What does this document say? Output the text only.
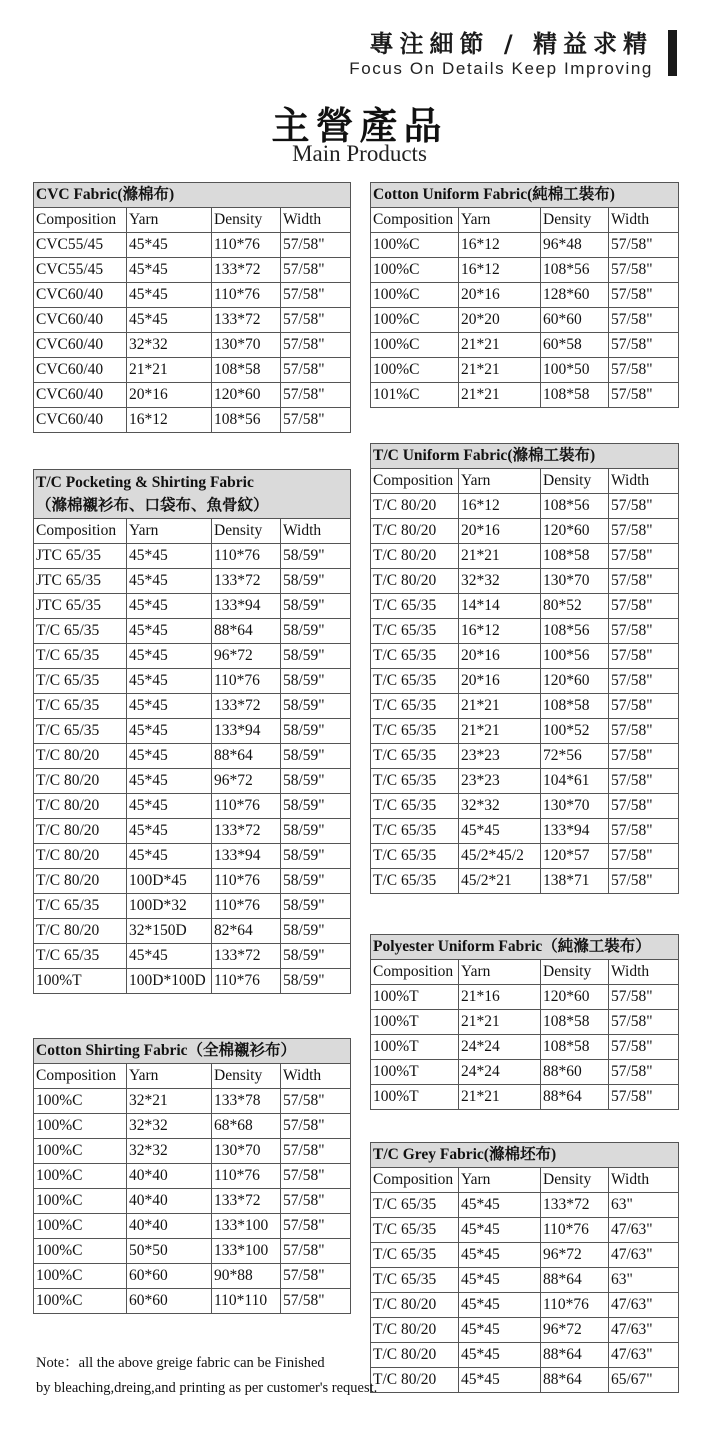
專注細節 / 精益求精
Focus On Details Keep Improving
主營產品
Main Products
CVC Fabric(滌棉布)			
Composition	Yarn	Density	Width
CVC55/45	45*45	110*76	57/58"
CVC55/45	45*45	133*72	57/58"
CVC60/40	45*45	110*76	57/58"
CVC60/40	45*45	133*72	57/58"
CVC60/40	32*32	130*70	57/58"
CVC60/40	21*21	108*58	57/58"
CVC60/40	20*16	120*60	57/58"
CVC60/40	16*12	108*56	57/58"
T/C Pocketing & Shirting Fabric
（滌棉襯衫布、口袋布、魚骨紋）			

Composition	Yarn	Density	Width
JTC 65/35	45*45	110*76	58/59"
JTC 65/35	45*45	133*72	58/59"
JTC 65/35	45*45	133*94	58/59"
T/C 65/35	45*45	88*64	58/59"
T/C 65/35	45*45	96*72	58/59"
T/C 65/35	45*45	110*76	58/59"
T/C 65/35	45*45	133*72	58/59"
T/C 65/35	45*45	133*94	58/59"
T/C 80/20	45*45	88*64	58/59"
T/C 80/20	45*45	96*72	58/59"
T/C 80/20	45*45	110*76	58/59"
T/C 80/20	45*45	133*72	58/59"
T/C 80/20	45*45	133*94	58/59"
T/C 80/20	100D*45	110*76	58/59"
T/C 65/35	100D*32	110*76	58/59"
T/C 80/20	32*150D	82*64	58/59"
T/C 65/35	45*45	133*72	58/59"
100%T	100D*100D	110*76	58/59"
Cotton Shirting Fabric（全棉襯衫布）			
Composition	Yarn	Density	Width
100%C	32*21	133*78	57/58"
100%C	32*32	68*68	57/58"
100%C	32*32	130*70	57/58"
100%C	40*40	110*76	57/58"
100%C	40*40	133*72	57/58"
100%C	40*40	133*100	57/58"
100%C	50*50	133*100	57/58"
100%C	60*60	90*88	57/58"
100%C	60*60	110*110	57/58"
Cotton Uniform Fabric(純棉工裝布)			
Composition	Yarn	Density	Width
100%C	16*12	96*48	57/58"
100%C	16*12	108*56	57/58"
100%C	20*16	128*60	57/58"
100%C	20*20	60*60	57/58"
100%C	21*21	60*58	57/58"
100%C	21*21	100*50	57/58"
101%C	21*21	108*58	57/58"
T/C Uniform Fabric(滌棉工裝布)			
Composition	Yarn	Density	Width
T/C 80/20	16*12	108*56	57/58"
T/C 80/20	20*16	120*60	57/58"
T/C 80/20	21*21	108*58	57/58"
T/C 80/20	32*32	130*70	57/58"
T/C 65/35	14*14	80*52	57/58"
T/C 65/35	16*12	108*56	57/58"
T/C 65/35	20*16	100*56	57/58"
T/C 65/35	20*16	120*60	57/58"
T/C 65/35	21*21	108*58	57/58"
T/C 65/35	21*21	100*52	57/58"
T/C 65/35	23*23	72*56	57/58"
T/C 65/35	23*23	104*61	57/58"
T/C 65/35	32*32	130*70	57/58"
T/C 65/35	45*45	133*94	57/58"
T/C 65/35	45/2*45/2	120*57	57/58"
T/C 65/35	45/2*21	138*71	57/58"
Polyester Uniform Fabric（純滌工裝布）			
Composition	Yarn	Density	Width
100%T	21*16	120*60	57/58"
100%T	21*21	108*58	57/58"
100%T	24*24	108*58	57/58"
100%T	24*24	88*60	57/58"
100%T	21*21	88*64	57/58"
T/C Grey Fabric(滌棉坯布)			
Composition	Yarn	Density	Width
T/C 65/35	45*45	133*72	63"
T/C 65/35	45*45	110*76	47/63"
T/C 65/35	45*45	96*72	47/63"
T/C 65/35	45*45	88*64	63"
T/C 80/20	45*45	110*76	47/63"
T/C 80/20	45*45	96*72	47/63"
T/C 80/20	45*45	88*64	47/63"
T/C 80/20	45*45	88*64	65/67"
Note：all the above greige fabric can be Finished
by bleaching,dreing,and printing as per customer's request.
